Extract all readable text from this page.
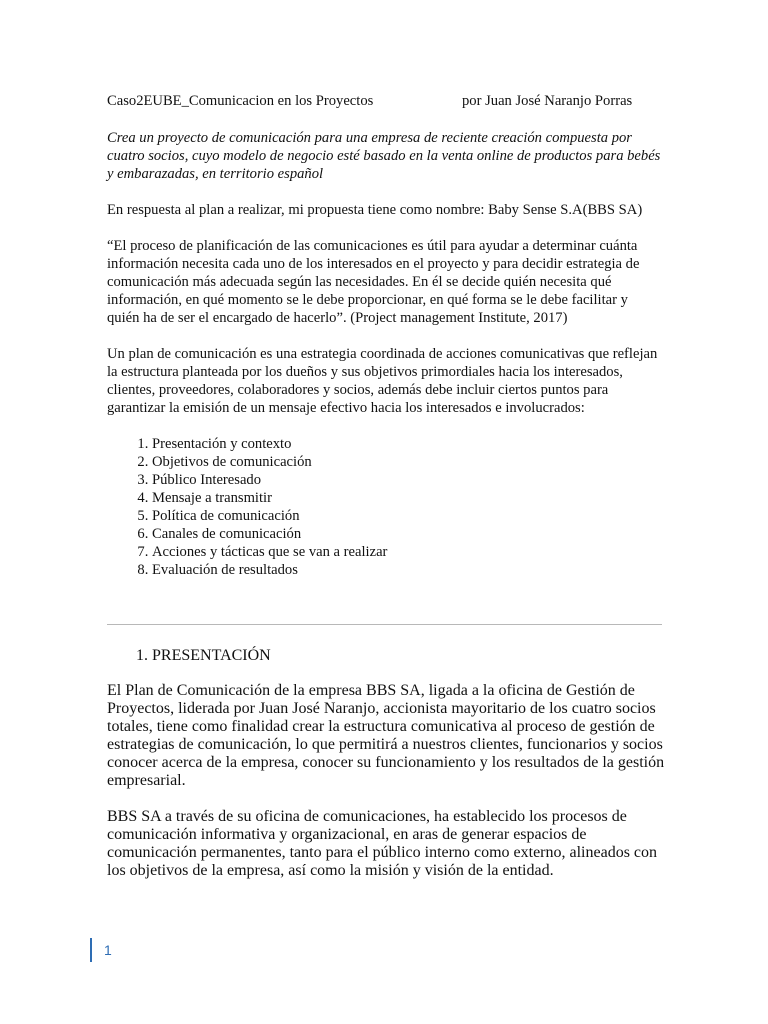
Caso2EUBE_Comunicacion en los Proyectos	por Juan José Naranjo Porras

Crea un proyecto de comunicación para una empresa de reciente creación compuesta por cuatro socios, cuyo modelo de negocio esté basado en la venta online de productos para bebés y embarazadas, en territorio español

En respuesta al plan a realizar, mi propuesta tiene como nombre: Baby Sense S.A(BBS SA)

“El proceso de planificación de las comunicaciones es útil para ayudar a determinar cuánta información necesita cada uno de los interesados en el proyecto y para decidir estrategia de comunicación más adecuada según las necesidades. En él se decide quién necesita qué información, en qué momento se le debe proporcionar, en qué forma se le debe facilitar y quién ha de ser el encargado de hacerlo”. (Project management Institute, 2017)

Un plan de comunicación es una estrategia coordinada de acciones comunicativas que reflejan la estructura planteada por los dueños y sus objetivos primordiales hacia los interesados, clientes, proveedores, colaboradores y socios, además debe incluir ciertos puntos para garantizar la emisión de un mensaje efectivo hacia los interesados e involucrados:

1. Presentación y contexto
2. Objetivos de comunicación
3. Público Interesado
4. Mensaje a transmitir
5. Política de comunicación
6. Canales de comunicación
7. Acciones y tácticas que se van a realizar
8. Evaluación de resultados
1. PRESENTACIÓN

El Plan de Comunicación de la empresa BBS SA, ligada a la oficina de Gestión de Proyectos, liderada por Juan José Naranjo, accionista mayoritario de los cuatro socios totales, tiene como finalidad crear la estructura comunicativa al proceso de gestión de estrategias de comunicación, lo que permitirá a nuestros clientes, funcionarios y socios conocer acerca de la empresa, conocer su funcionamiento y los resultados de la gestión empresarial.

BBS SA a través de su oficina de comunicaciones, ha establecido los procesos de comunicación informativa y organizacional, en aras de generar espacios de comunicación permanentes, tanto para el público interno como externo, alineados con los objetivos de la empresa, así como la misión y visión de la entidad.

1
